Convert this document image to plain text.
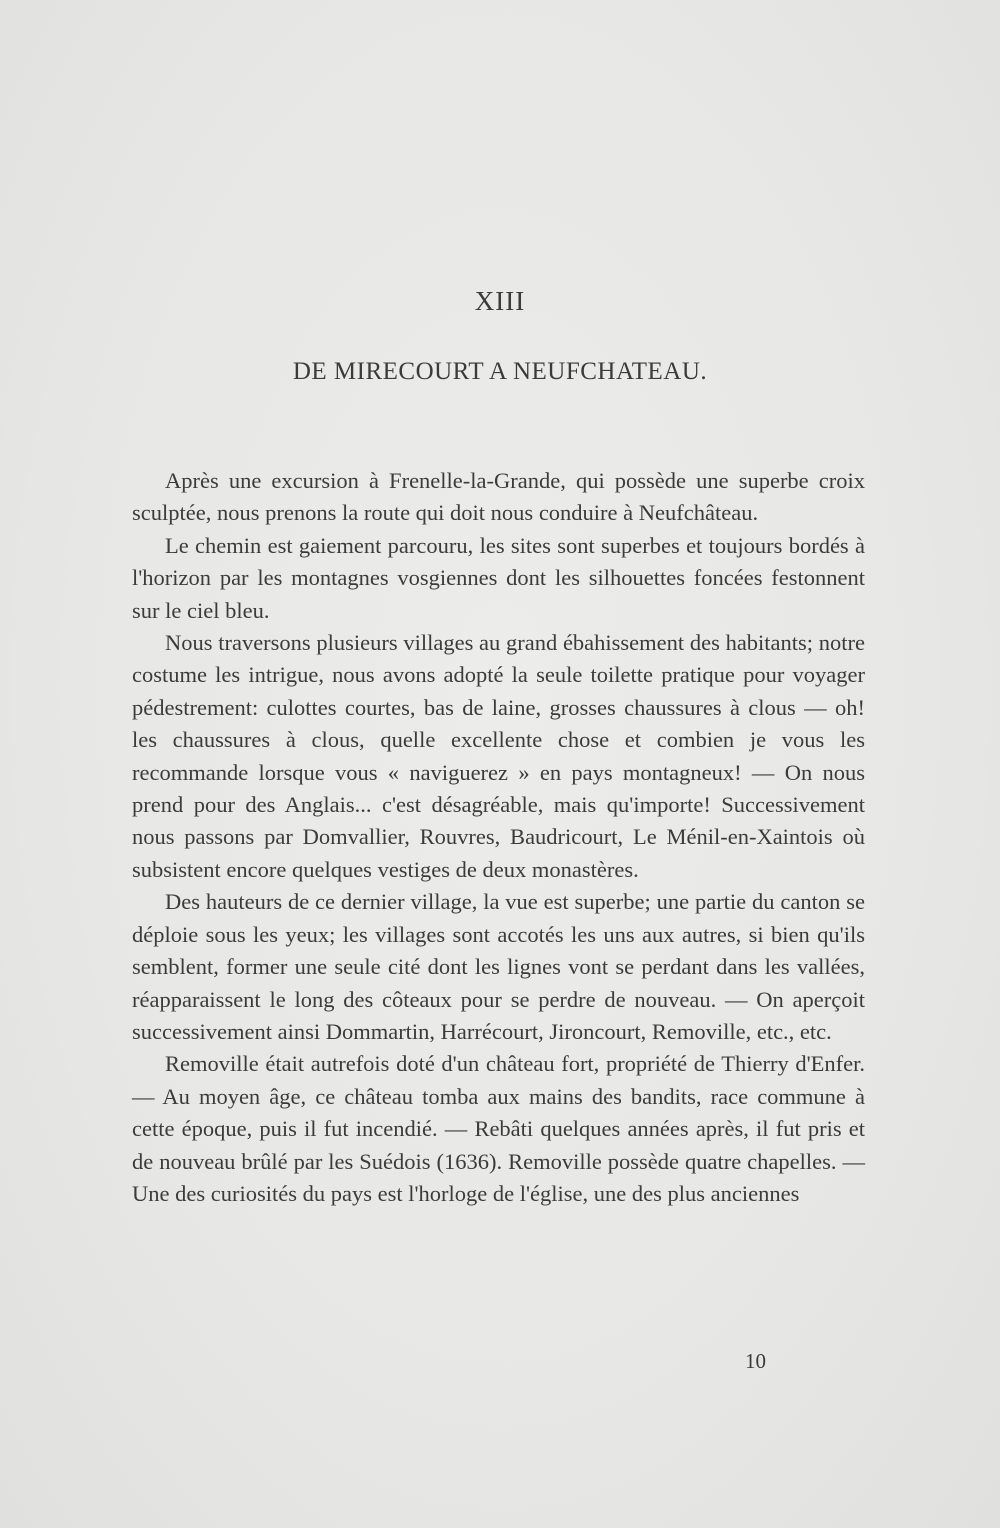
XIII
DE MIRECOURT A NEUFCHATEAU.

Après une excursion à Frenelle-la-Grande, qui possède une superbe croix sculptée, nous prenons la route qui doit nous conduire à Neufchâteau.

Le chemin est gaiement parcouru, les sites sont superbes et toujours bordés à l'horizon par les montagnes vosgiennes dont les silhouettes foncées festonnent sur le ciel bleu.

Nous traversons plusieurs villages au grand ébahissement des habitants; notre costume les intrigue, nous avons adopté la seule toilette pratique pour voyager pédestrement: culottes courtes, bas de laine, grosses chaussures à clous — oh! les chaussures à clous, quelle excellente chose et combien je vous les recommande lorsque vous « naviguerez » en pays montagneux! — On nous prend pour des Anglais... c'est désagréable, mais qu'importe! Successivement nous passons par Domvallier, Rouvres, Baudricourt, Le Ménil-en-Xaintois où subsistent encore quelques vestiges de deux monastères.

Des hauteurs de ce dernier village, la vue est superbe; une partie du canton se déploie sous les yeux; les villages sont accotés les uns aux autres, si bien qu'ils semblent, former une seule cité dont les lignes vont se perdant dans les vallées, réapparaissent le long des côteaux pour se perdre de nouveau. — On aperçoit successivement ainsi Dommartin, Harrécourt, Jironcourt, Removille, etc., etc.

Removille était autrefois doté d'un château fort, propriété de Thierry d'Enfer. — Au moyen âge, ce château tomba aux mains des bandits, race commune à cette époque, puis il fut incendié. — Rebâti quelques années après, il fut pris et de nouveau brûlé par les Suédois (1636). Removille possède quatre chapelles. — Une des curiosités du pays est l'horloge de l'église, une des plus anciennes

10
